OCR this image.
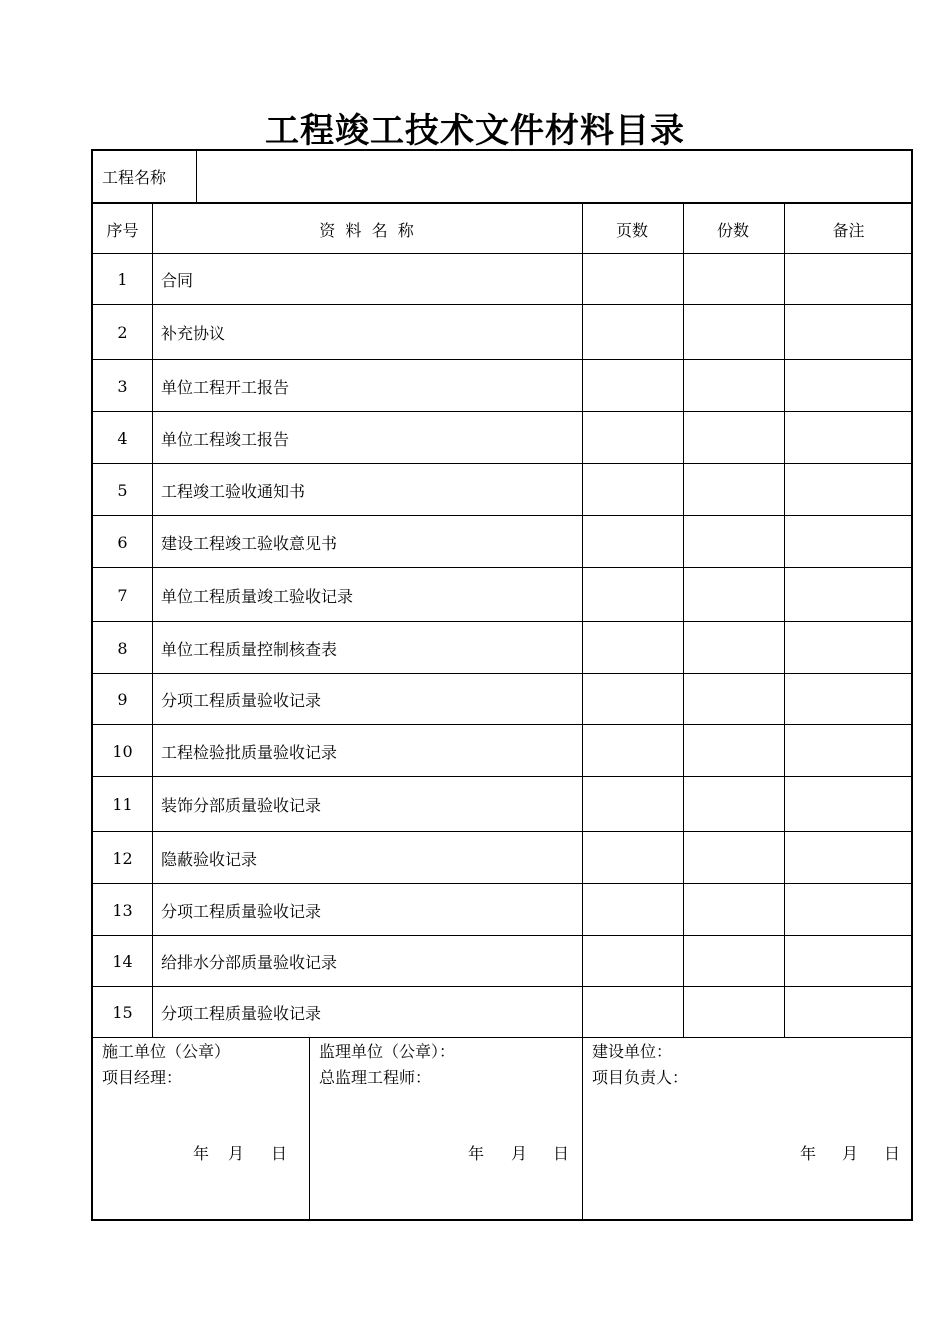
工程竣工技术文件材料目录
工程名称
序号	资  料  名  称	页数	份数	备注
1	合同
2	补充协议
3	单位工程开工报告
4	单位工程竣工报告
5	工程竣工验收通知书
6	建设工程竣工验收意见书
7	单位工程质量竣工验收记录
8	单位工程质量控制核查表
9	分项工程质量验收记录
10	工程检验批质量验收记录
11	装饰分部质量验收记录
12	隐蔽验收记录
13	分项工程质量验收记录
14	给排水分部质量验收记录
15	分项工程质量验收记录
施工单位（公章）
项目经理：
年 月 日
监理单位（公章）：
总监理工程师：
年 月 日
建设单位：
项目负责人：
年 月 日
